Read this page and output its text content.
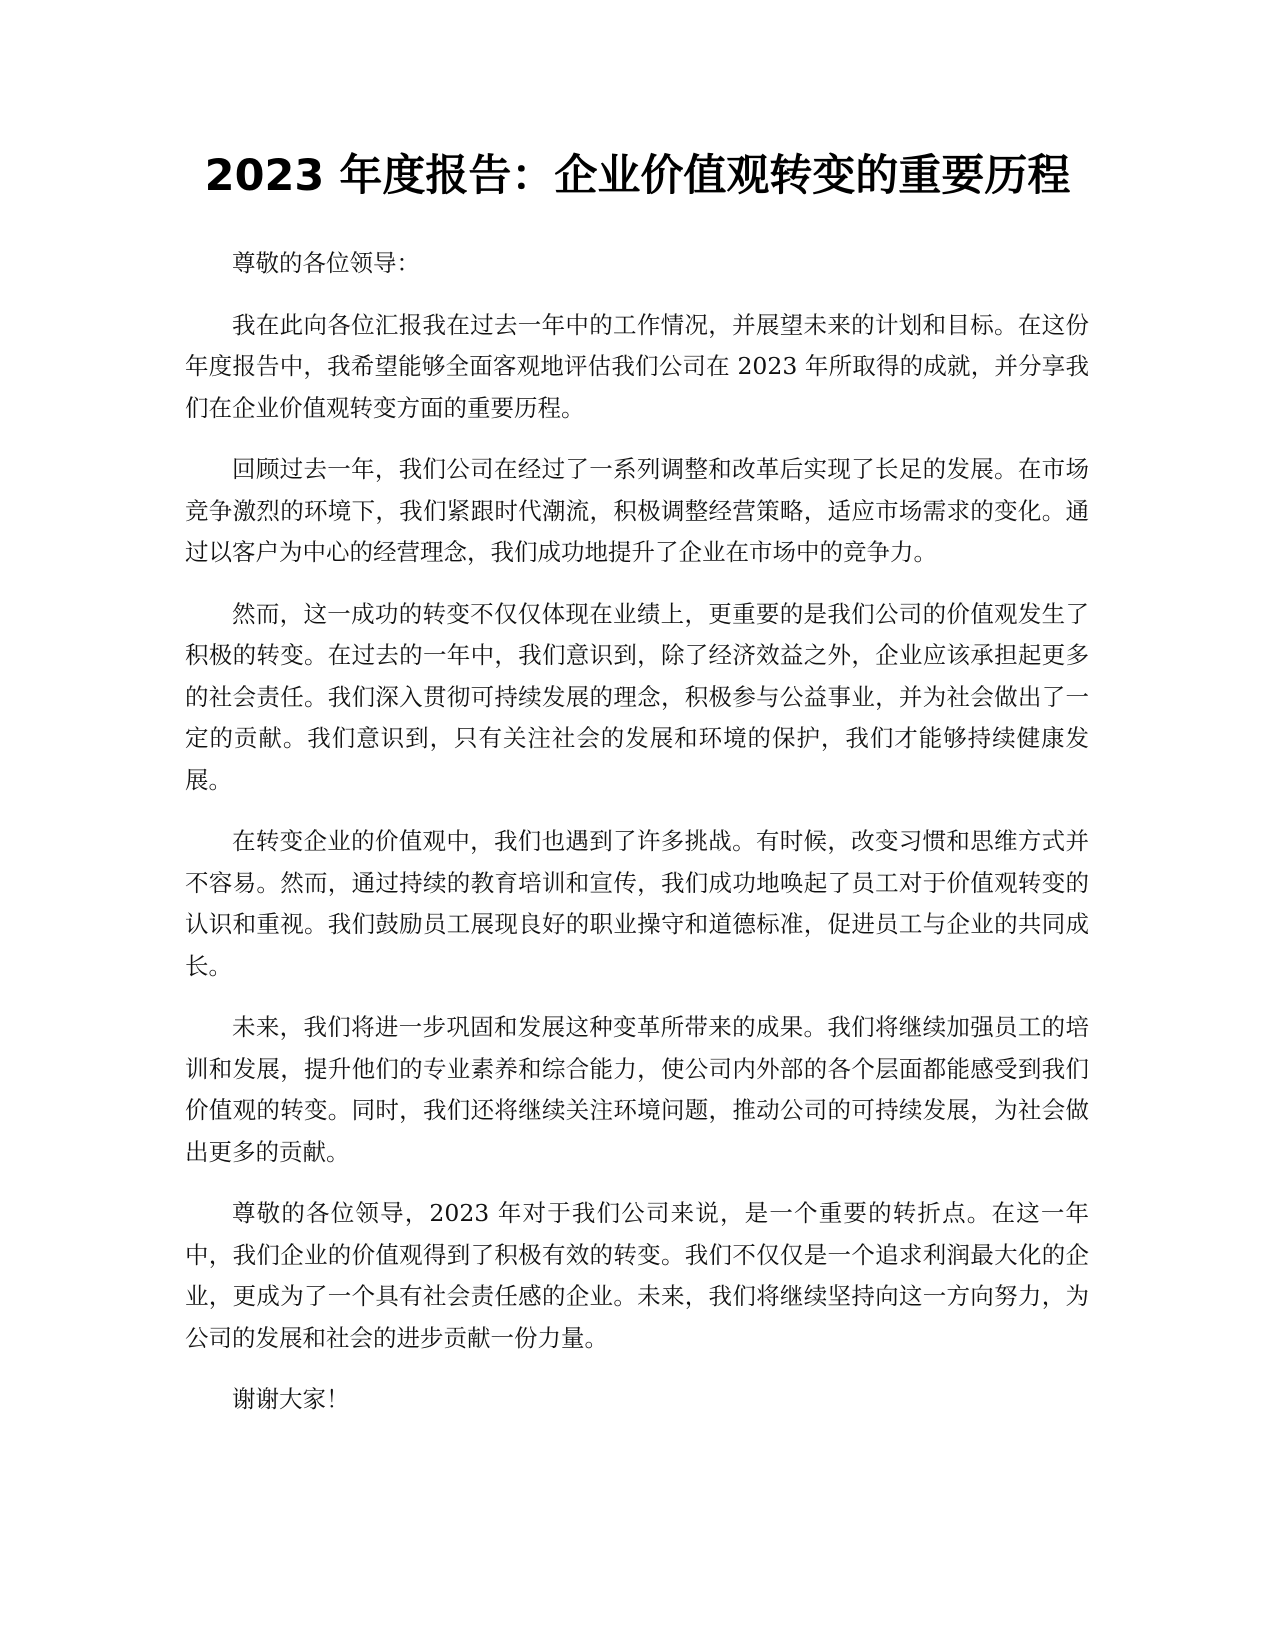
2023 年度报告：企业价值观转变的重要历程

尊敬的各位领导：

我在此向各位汇报我在过去一年中的工作情况，并展望未来的计划和目标。在这份年度报告中，我希望能够全面客观地评估我们公司在 2023 年所取得的成就，并分享我们在企业价值观转变方面的重要历程。

回顾过去一年，我们公司在经过了一系列调整和改革后实现了长足的发展。在市场竞争激烈的环境下，我们紧跟时代潮流，积极调整经营策略，适应市场需求的变化。通过以客户为中心的经营理念，我们成功地提升了企业在市场中的竞争力。

然而，这一成功的转变不仅仅体现在业绩上，更重要的是我们公司的价值观发生了积极的转变。在过去的一年中，我们意识到，除了经济效益之外，企业应该承担起更多的社会责任。我们深入贯彻可持续发展的理念，积极参与公益事业，并为社会做出了一定的贡献。我们意识到，只有关注社会的发展和环境的保护，我们才能够持续健康发展。

在转变企业的价值观中，我们也遇到了许多挑战。有时候，改变习惯和思维方式并不容易。然而，通过持续的教育培训和宣传，我们成功地唤起了员工对于价值观转变的认识和重视。我们鼓励员工展现良好的职业操守和道德标准，促进员工与企业的共同成长。

未来，我们将进一步巩固和发展这种变革所带来的成果。我们将继续加强员工的培训和发展，提升他们的专业素养和综合能力，使公司内外部的各个层面都能感受到我们价值观的转变。同时，我们还将继续关注环境问题，推动公司的可持续发展，为社会做出更多的贡献。

尊敬的各位领导，2023 年对于我们公司来说，是一个重要的转折点。在这一年中，我们企业的价值观得到了积极有效的转变。我们不仅仅是一个追求利润最大化的企业，更成为了一个具有社会责任感的企业。未来，我们将继续坚持向这一方向努力，为公司的发展和社会的进步贡献一份力量。

谢谢大家！
